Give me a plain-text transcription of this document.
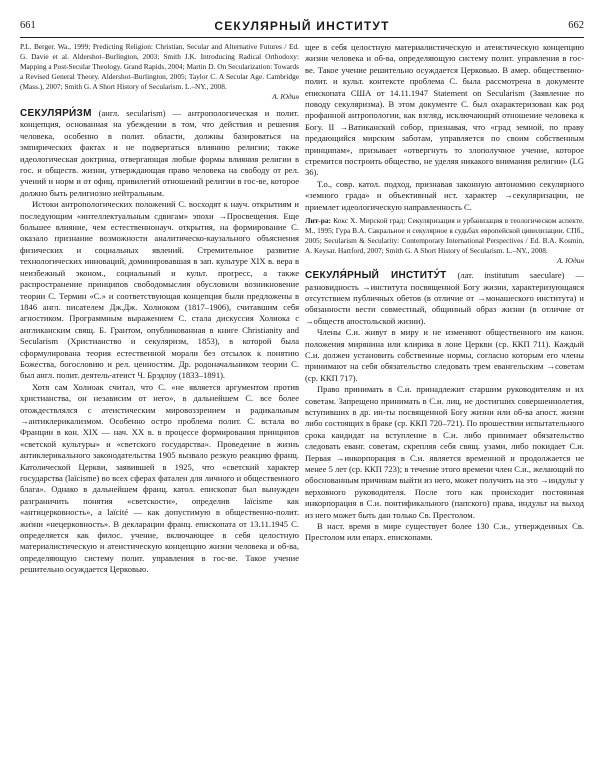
661	СЕКУЛЯРНЫЙ ИНСТИТУТ	662
P.L. Berger. Wa., 1999; Predicting Religion: Christian, Secular and Alternative Futures / Ed. G. Davie et al. Aldershot–Burlington, 2003; Smith J.K. Introducing Radical Orthodoxy: Mapping a Post-Secular Theology. Grand Rapids, 2004; Martin D. On Secularization: Towards a Revised General Theory. Aldershot–Burlington, 2005; Taylor C. A Secular Age. Cambridge (Mass.), 2007; Smith G. A Short History of Secularism. L.–NY., 2008.
А. Юдин

СЕКУЛЯРИ́ЗМ (англ. secularism) — антропологическая и полит. концепция, основанная на убеждении в том, что действия и решения человека, особенно в полит. области, должны базироваться на эмпирических фактах и не подвергаться влиянию религии; также идеологическая доктрина, отвергающая любые формы влияния религии в гос. и обществ. жизни, утверждающая право человека на свободу от рел. учений и норм и от офиц. привилегий отношений религии в гос-ве, которое должно быть религиозно нейтральным.

Истоки антропологических положений С. восходят к науч. открытиям и последующим «интеллектуальным сдвигам» эпохи →Просвещения. Еще большее влияние, чем естественнонауч. открытия, на формирование С. оказало признание возможности аналитическо-каузального объяснения физических и социальных явлений. Стремительное развитие технологических инноваций, доминировавшая в зап. культуре XIX в. вера в неизбежный эконом., социальный и культ. прогресс, а также распространение принципов свободомыслия обусловили возникновение теории С. Термин «С.» и соответствующая концепция были предложены в 1846 англ. писателем Дж.Дж. Холиоком (1817–1906), считавшим себя агностиком. Программным выражением С. стала дискуссия Холиока с англиканским свящ. Б. Грантом, опубликованная в книге Christianity and Secularism (Христианство и секуляризм, 1853), в которой была сформулирована теория естественной морали без отсылок к понятию Божества, богословию и рел. ценностям. Др. родоначальником теории С. был англ. полит. деятель-атеист Ч. Брэдлоу (1833–1891).

Хотя сам Холиоак считал, что С. «не является аргументом против христианства, он независим от него», в дальнейшем С. все более отождествлялся с атеистическим мировоззрением и радикальным →антиклерикализмом. Особенно остро проблема полит. С. встала во Франции в кон. XIX — нач. XX в. в процессе формирования принципов «светской культуры» и «светского государства». Проведение в жизнь антиклерикального законодательства 1905 вызвало резкую реакцию франц. Католической Церкви, заявившей в 1925, что «светский характер государства (laïcisme) во всех сферах фатален для личного и общественного блага». Однако в дальнейшем франц. катол. епископат был вынужден разграничить понятия «светскости», определив laïcisme как «антицерковность», а laïcité — как допустимую в общественно-полит. жизни «нецерковность». В декларации франц. епископата от 13.11.1945 С. определяется как филос. учение, включающее в себя целостную материалистическую и атеистическую концепцию жизни человека и об-ва, определяющую систему полит. управления в гос-ве. Такое учение решительно осуждается Церковью.

щее в себя целостную материалистическую и атеистическую концепцию жизни человека и об-ва, определяющую систему полит. управления в гос-ве. Такое учение решительно осуждается Церковью. В амер. общественно-полит. и культ. контексте проблема С. была рассмотрена в документе епископата США от 14.11.1947 Statement on Secularism (Заявление по поводу секуляризма). В этом документе С. был охарактеризован как род профанной антропологии, как взгляд, исключающий отношение человека к Богу. II →Ватиканский собор, признавая, что «град земной, по праву предающийся мирским заботам, управляется по своим собственным принципам», призывает «отвергнуть то злополучное учение, которое стремится построить общество, не уделяя никакого внимания религии» (LG 36).

Т.о., совр. катол. подход, признавая законную автономию секулярного «земного града» и объективный ист. характер →секуляризации, не приемлет идеологическую направленность С.

Лит-ра: Кокс Х. Мирской град: Секуляризация и урбанизация в теологическом аспекте. М., 1995; Гура В.А. Сакральное и секулярное в судьбах европейской цивилизации. СПб., 2005; Secularism & Secularity: Contemporary International Perspectives / Ed. B.A. Kosmin, A. Keysar. Hartford, 2007; Smith G. A Short History of Secularism. L.–NY., 2008.
А. Юдин

СЕКУЛЯ́РНЫЙ ИНСТИТУ́Т (лат. institutum saeculare) — разновидность →института посвященной Богу жизни, характеризующаяся отсутствием публичных обетов (в отличие от →монашеского института) и обязанности вести совместный, общинный образ жизни (в отличие от →обществ апостольской жизни).

Члены С.и. живут в миру и не изменяют общественного им канон. положения мирянина или клирика в лоне Церкви (ср. ККП 711). Каждый С.и. должен установить собственные нормы, согласно которым его члены принимают на себя обязательство следовать трем евангельским →советам (ср. ККП 717).

Право принимать в С.и. принадлежит старшим руководителям и их советам. Запрещено принимать в С.и. лиц, не достигших совершеннолетия, вступивших в др. ин-ты посвященной Богу жизни или об-ва апост. жизни либо состоящих в браке (ср. ККП 720–721). По прошествии испытательного срока кандидат на вступление в С.и. либо принимает обязательство следовать еванг. советам, скрепляя себя свящ. узами, либо покидает С.и. Первая →инкорпорация в С.и. является временной и продолжается не менее 5 лет (ср. ККП 723); в течение этого времени член С.и., желающий по обоснованным причинам выйти из него, может получить на это →индульт у верховного руководителя. После того как происходит постоянная инкорпорация в С.и. понтификального (папского) права, индульт на выход из него может быть дан только Св. Престолом.

В наст. время в мире существует более 130 С.и., утвержденных Св. Престолом или епарх. епископами.
